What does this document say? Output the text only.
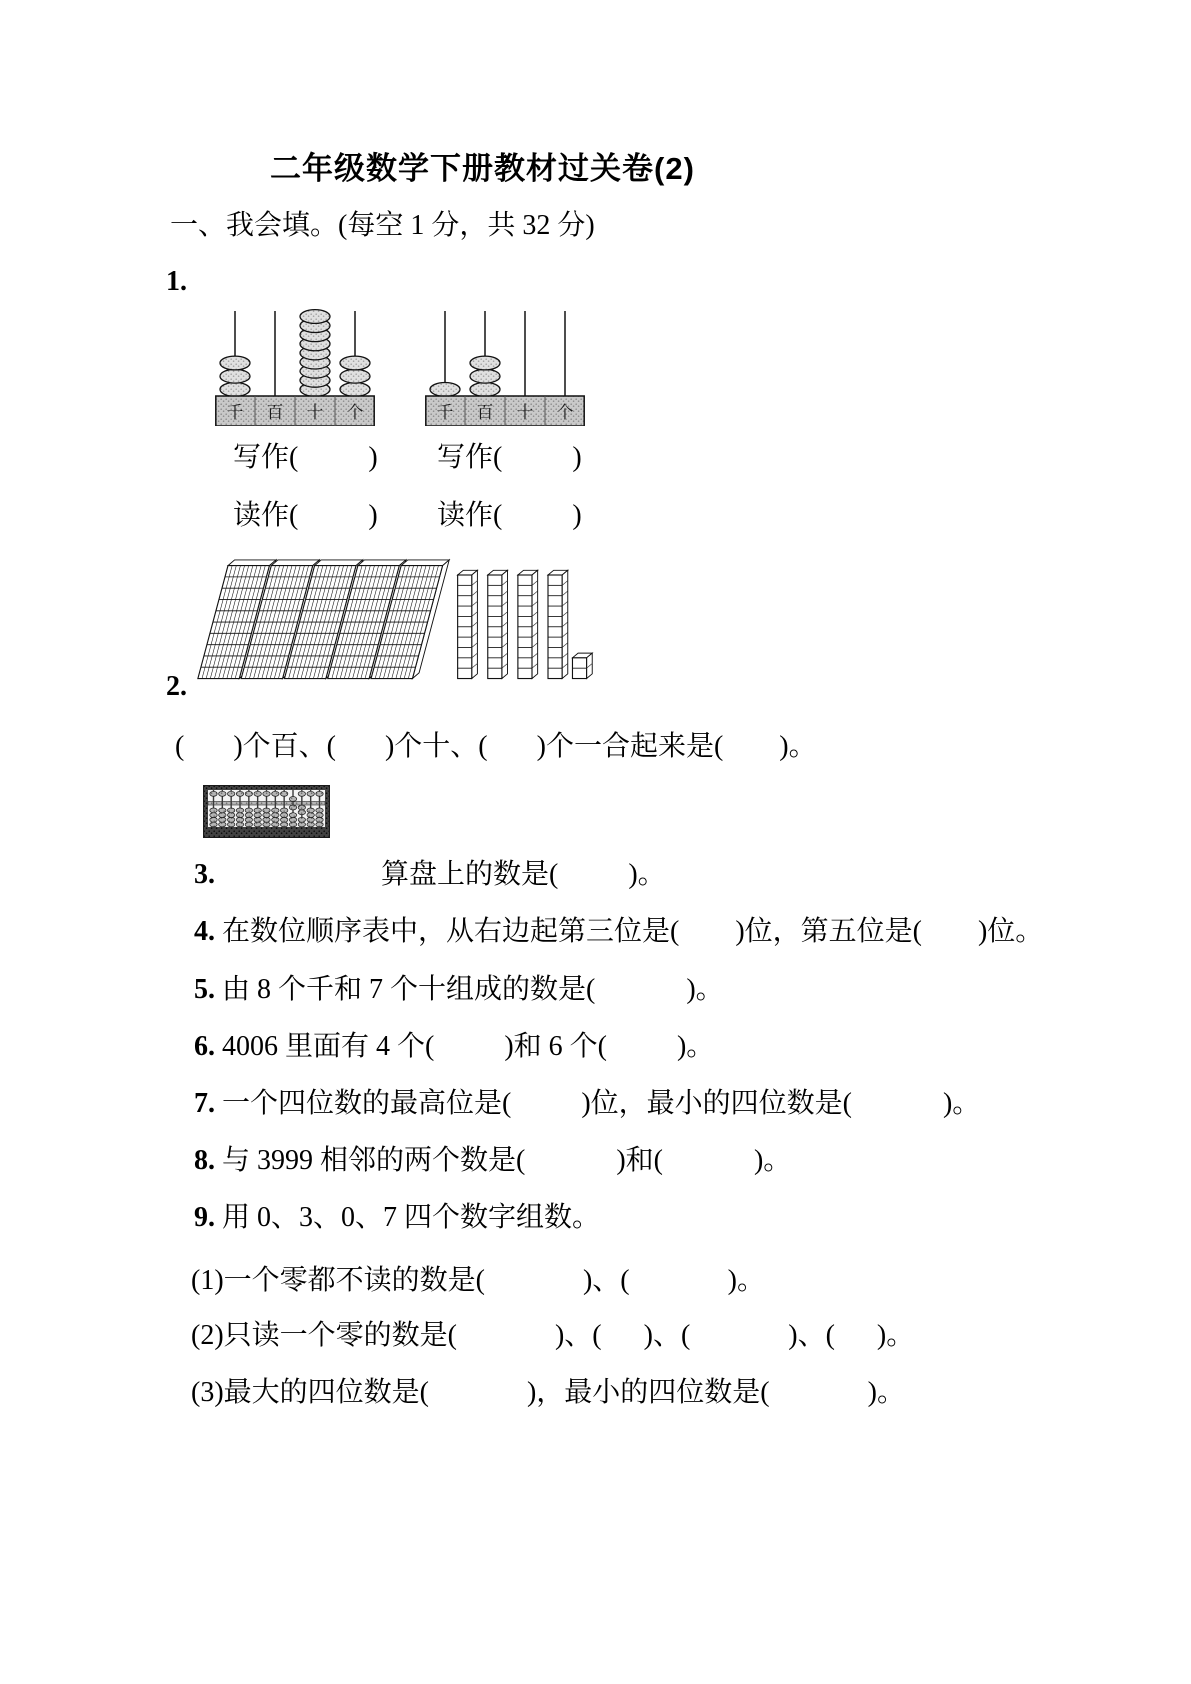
二年级数学下册教材过关卷(2)
一、我会填。(每空 1 分，共 32 分)
1.
千 百 十 个	千 百 十 个
写作(          ) 写作(          )
读作(          ) 读作(          )
2.
(       )个百、(       )个十、(       )个一合起来是(        )。

3.	算盘上的数是(          )。

4. 在数位顺序表中，从右边起第三位是(        )位，第五位是(        )位。

5. 由 8 个千和 7 个十组成的数是(             )。

6. 4006 里面有 4 个(          )和 6 个(          )。

7. 一个四位数的最高位是(          )位，最小的四位数是(             )。

8. 与 3999 相邻的两个数是(             )和(             )。

9. 用 0、3、0、7 四个数字组数。

(1)一个零都不读的数是(              )、(              )。

(2)只读一个零的数是(              )、(      )、(              )、(      )。

(3)最大的四位数是(              )，最小的四位数是(              )。
